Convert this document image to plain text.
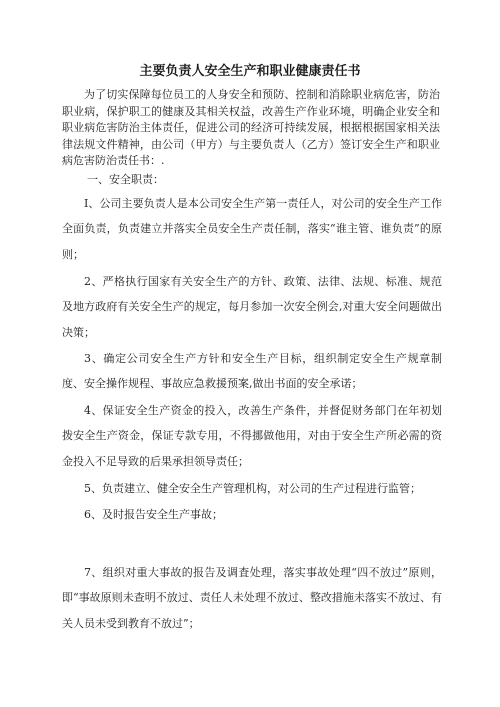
主要负责人安全生产和职业健康责任书
为了切实保障每位员工的人身安全和预防、控制和消除职业病危害，防治职业病，保护职工的健康及其相关权益，改善生产作业环境，明确企业安全和职业病危害防治主体责任，促进公司的经济可持续发展，根据根据国家相关法律法规文件精神，由公司（甲方）与主要负责人（乙方）签订安全生产和职业病危害防治责任书：.
一、安全职责：
I、公司主要负责人是本公司安全生产第一责任人，对公司的安全生产工作全面负责，负责建立并落实全员安全生产责任制，落实“谁主管、谁负责”的原则；
2、严格执行国家有关安全生产的方针、政策、法律、法规、标准、规范及地方政府有关安全生产的规定，每月参加一次安全例会,对重大安全问题做出决策；
3、确定公司安全生产方针和安全生产目标，组织制定安全生产规章制度、安全操作规程、事故应急救援预案,做出书面的安全承诺；
4、保证安全生产资金的投入，改善生产条件，并督促财务部门在年初划拨安全生产资金，保证专款专用，不得挪做他用，对由于安全生产所必需的资金投入不足导致的后果承担领导责任；
5、负责建立、健全安全生产管理机构，对公司的生产过程进行监管；
6、及时报告安全生产事故；
7、组织对重大事故的报告及调査处理，落实事故处理“四不放过”原则，即“事故原则未查明不放过、责任人未处理不放过、整改措施未落实不放过、有关人员未受到教育不放过”；
